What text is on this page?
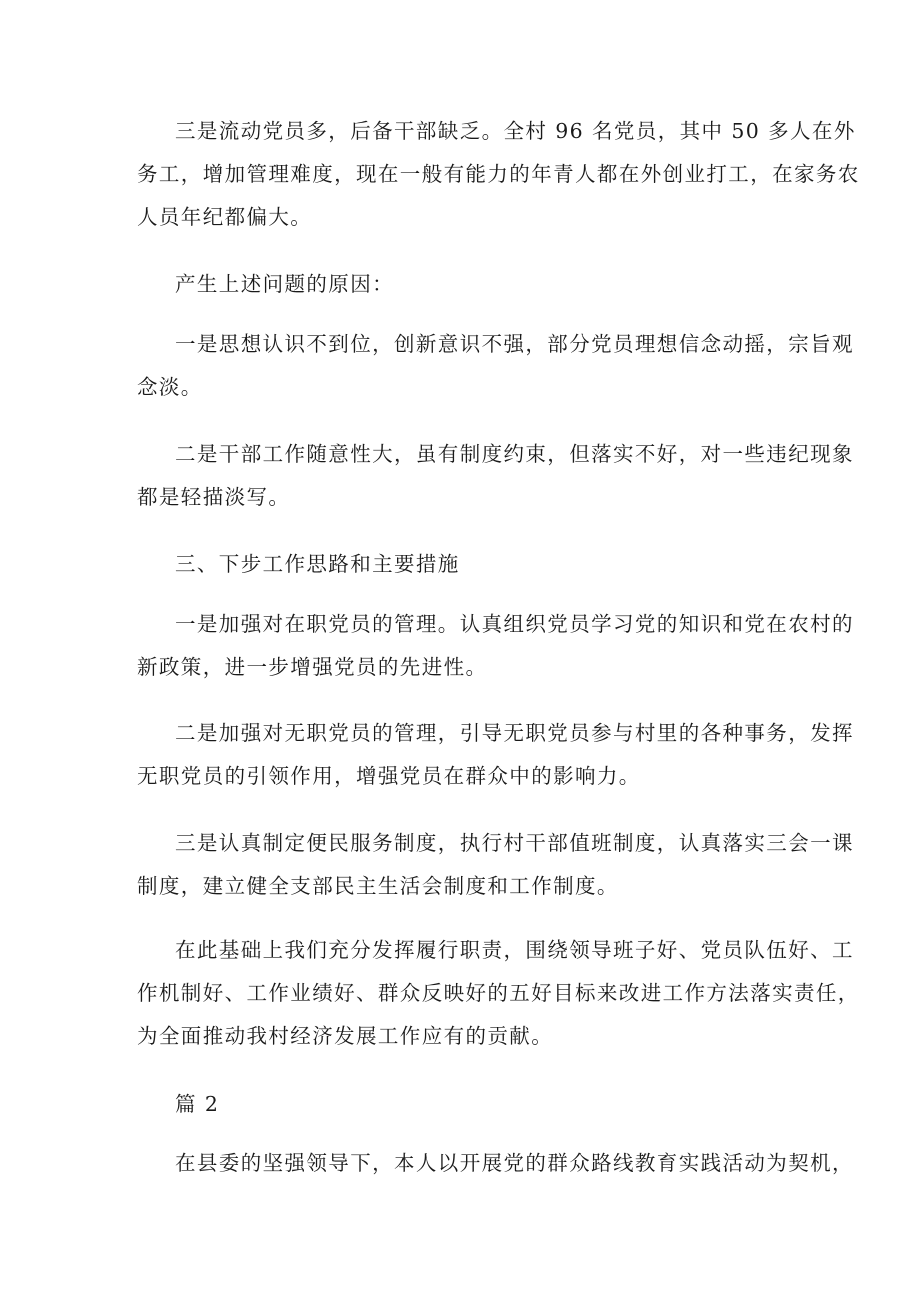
三是流动党员多，后备干部缺乏。全村 96 名党员，其中 50 多人在外
务工，增加管理难度，现在一般有能力的年青人都在外创业打工，在家务农
人员年纪都偏大。
产生上述问题的原因：
一是思想认识不到位，创新意识不强，部分党员理想信念动摇，宗旨观
念淡。
二是干部工作随意性大，虽有制度约束，但落实不好，对一些违纪现象
都是轻描淡写。
三、下步工作思路和主要措施
一是加强对在职党员的管理。认真组织党员学习党的知识和党在农村的
新政策，进一步增强党员的先进性。
二是加强对无职党员的管理，引导无职党员参与村里的各种事务，发挥
无职党员的引领作用，增强党员在群众中的影响力。
三是认真制定便民服务制度，执行村干部值班制度，认真落实三会一课
制度，建立健全支部民主生活会制度和工作制度。
在此基础上我们充分发挥履行职责，围绕领导班子好、党员队伍好、工
作机制好、工作业绩好、群众反映好的五好目标来改进工作方法落实责任，
为全面推动我村经济发展工作应有的贡献。
篇 2
在县委的坚强领导下，本人以开展党的群众路线教育实践活动为契机，
